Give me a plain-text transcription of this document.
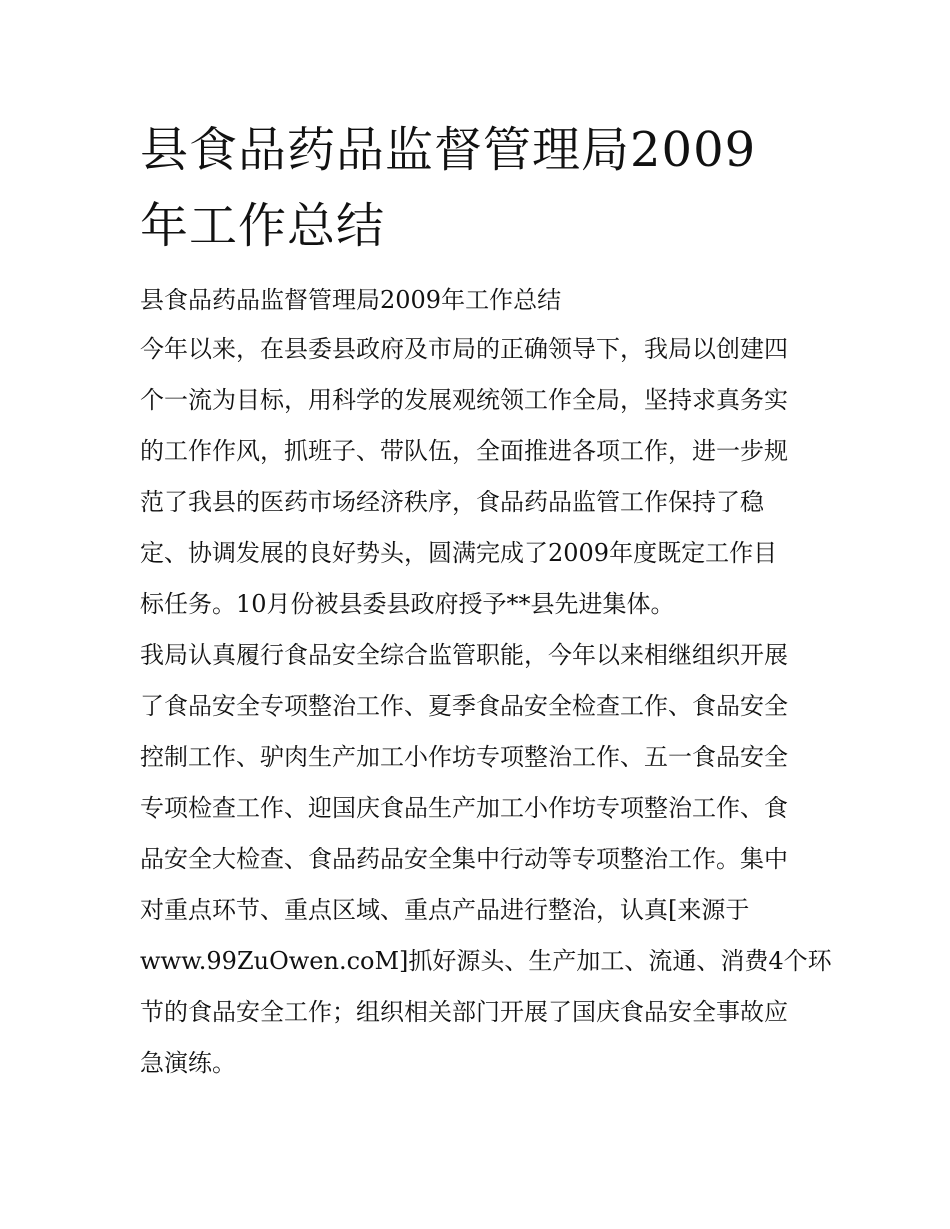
县食品药品监督管理局2009
年工作总结
县食品药品监督管理局2009年工作总结
今年以来，在县委县政府及市局的正确领导下，我局以创建四
个一流为目标，用科学的发展观统领工作全局，坚持求真务实
的工作作风，抓班子、带队伍，全面推进各项工作，进一步规
范了我县的医药市场经济秩序，食品药品监管工作保持了稳
定、协调发展的良好势头，圆满完成了2009年度既定工作目
标任务。10月份被县委县政府授予**县先进集体。
我局认真履行食品安全综合监管职能，今年以来相继组织开展
了食品安全专项整治工作、夏季食品安全检查工作、食品安全
控制工作、驴肉生产加工小作坊专项整治工作、五一食品安全
专项检查工作、迎国庆食品生产加工小作坊专项整治工作、食
品安全大检查、食品药品安全集中行动等专项整治工作。集中
对重点环节、重点区域、重点产品进行整治，认真[来源于
www.99ZuOwen.coM]抓好源头、生产加工、流通、消费4个环
节的食品安全工作；组织相关部门开展了国庆食品安全事故应
急演练。
